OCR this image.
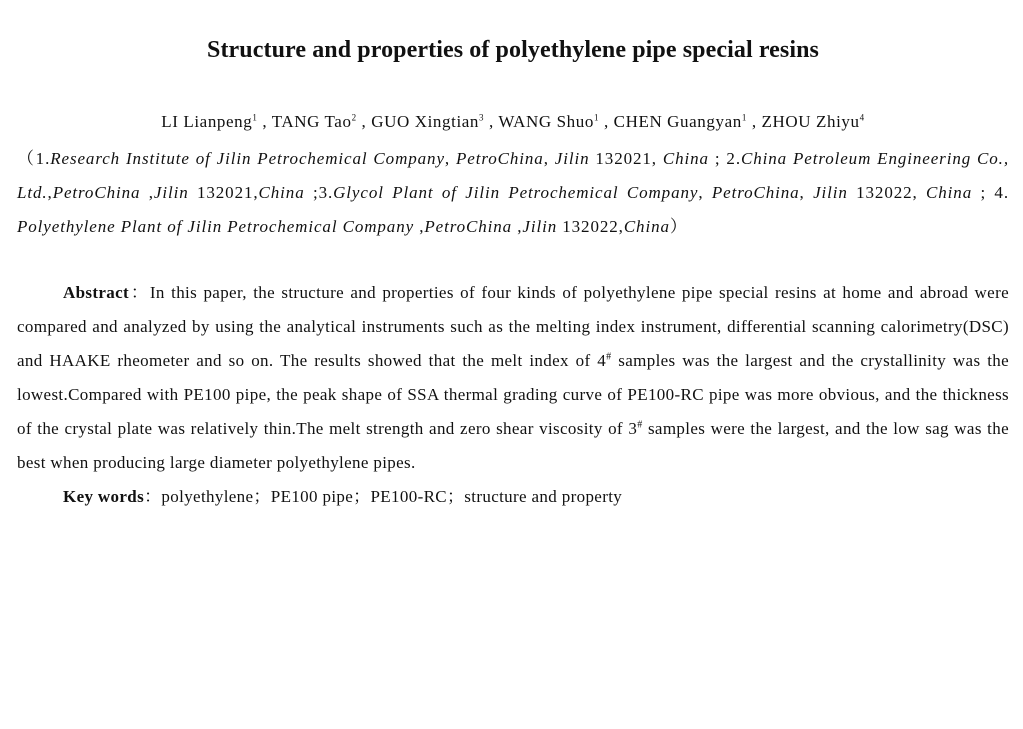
Structure and properties of polyethylene pipe special resins
LI Lianpeng$^1$ , TANG Tao$^2$ , GUO Xingtian$^3$ , WANG Shuo$^1$ , CHEN Guangyan$^1$ , ZHOU Zhiyu$^4$
（1.Research Institute of Jilin Petrochemical Company, PetroChina, Jilin 132021, China ; 2.China Petroleum Engineering Co., Ltd.,PetroChina ,Jilin 132021,China ;3.Glycol Plant of Jilin Petrochemical Company, PetroChina, Jilin 132022, China ; 4. Polyethylene Plant of Jilin Petrochemical Company ,PetroChina ,Jilin 132022,China）
Abstract：In this paper, the structure and properties of four kinds of polyethylene pipe special resins at home and abroad were compared and analyzed by using the analytical instruments such as the melting index instrument, differential scanning calorimetry(DSC) and HAAKE rheometer and so on. The results showed that the melt index of 4# samples was the largest and the crystallinity was the lowest.Compared with PE100 pipe, the peak shape of SSA thermal grading curve of PE100-RC pipe was more obvious, and the thickness of the crystal plate was relatively thin.The melt strength and zero shear viscosity of 3# samples were the largest, and the low sag was the best when producing large diameter polyethylene pipes.
Key words：polyethylene；PE100 pipe；PE100-RC；structure and property
